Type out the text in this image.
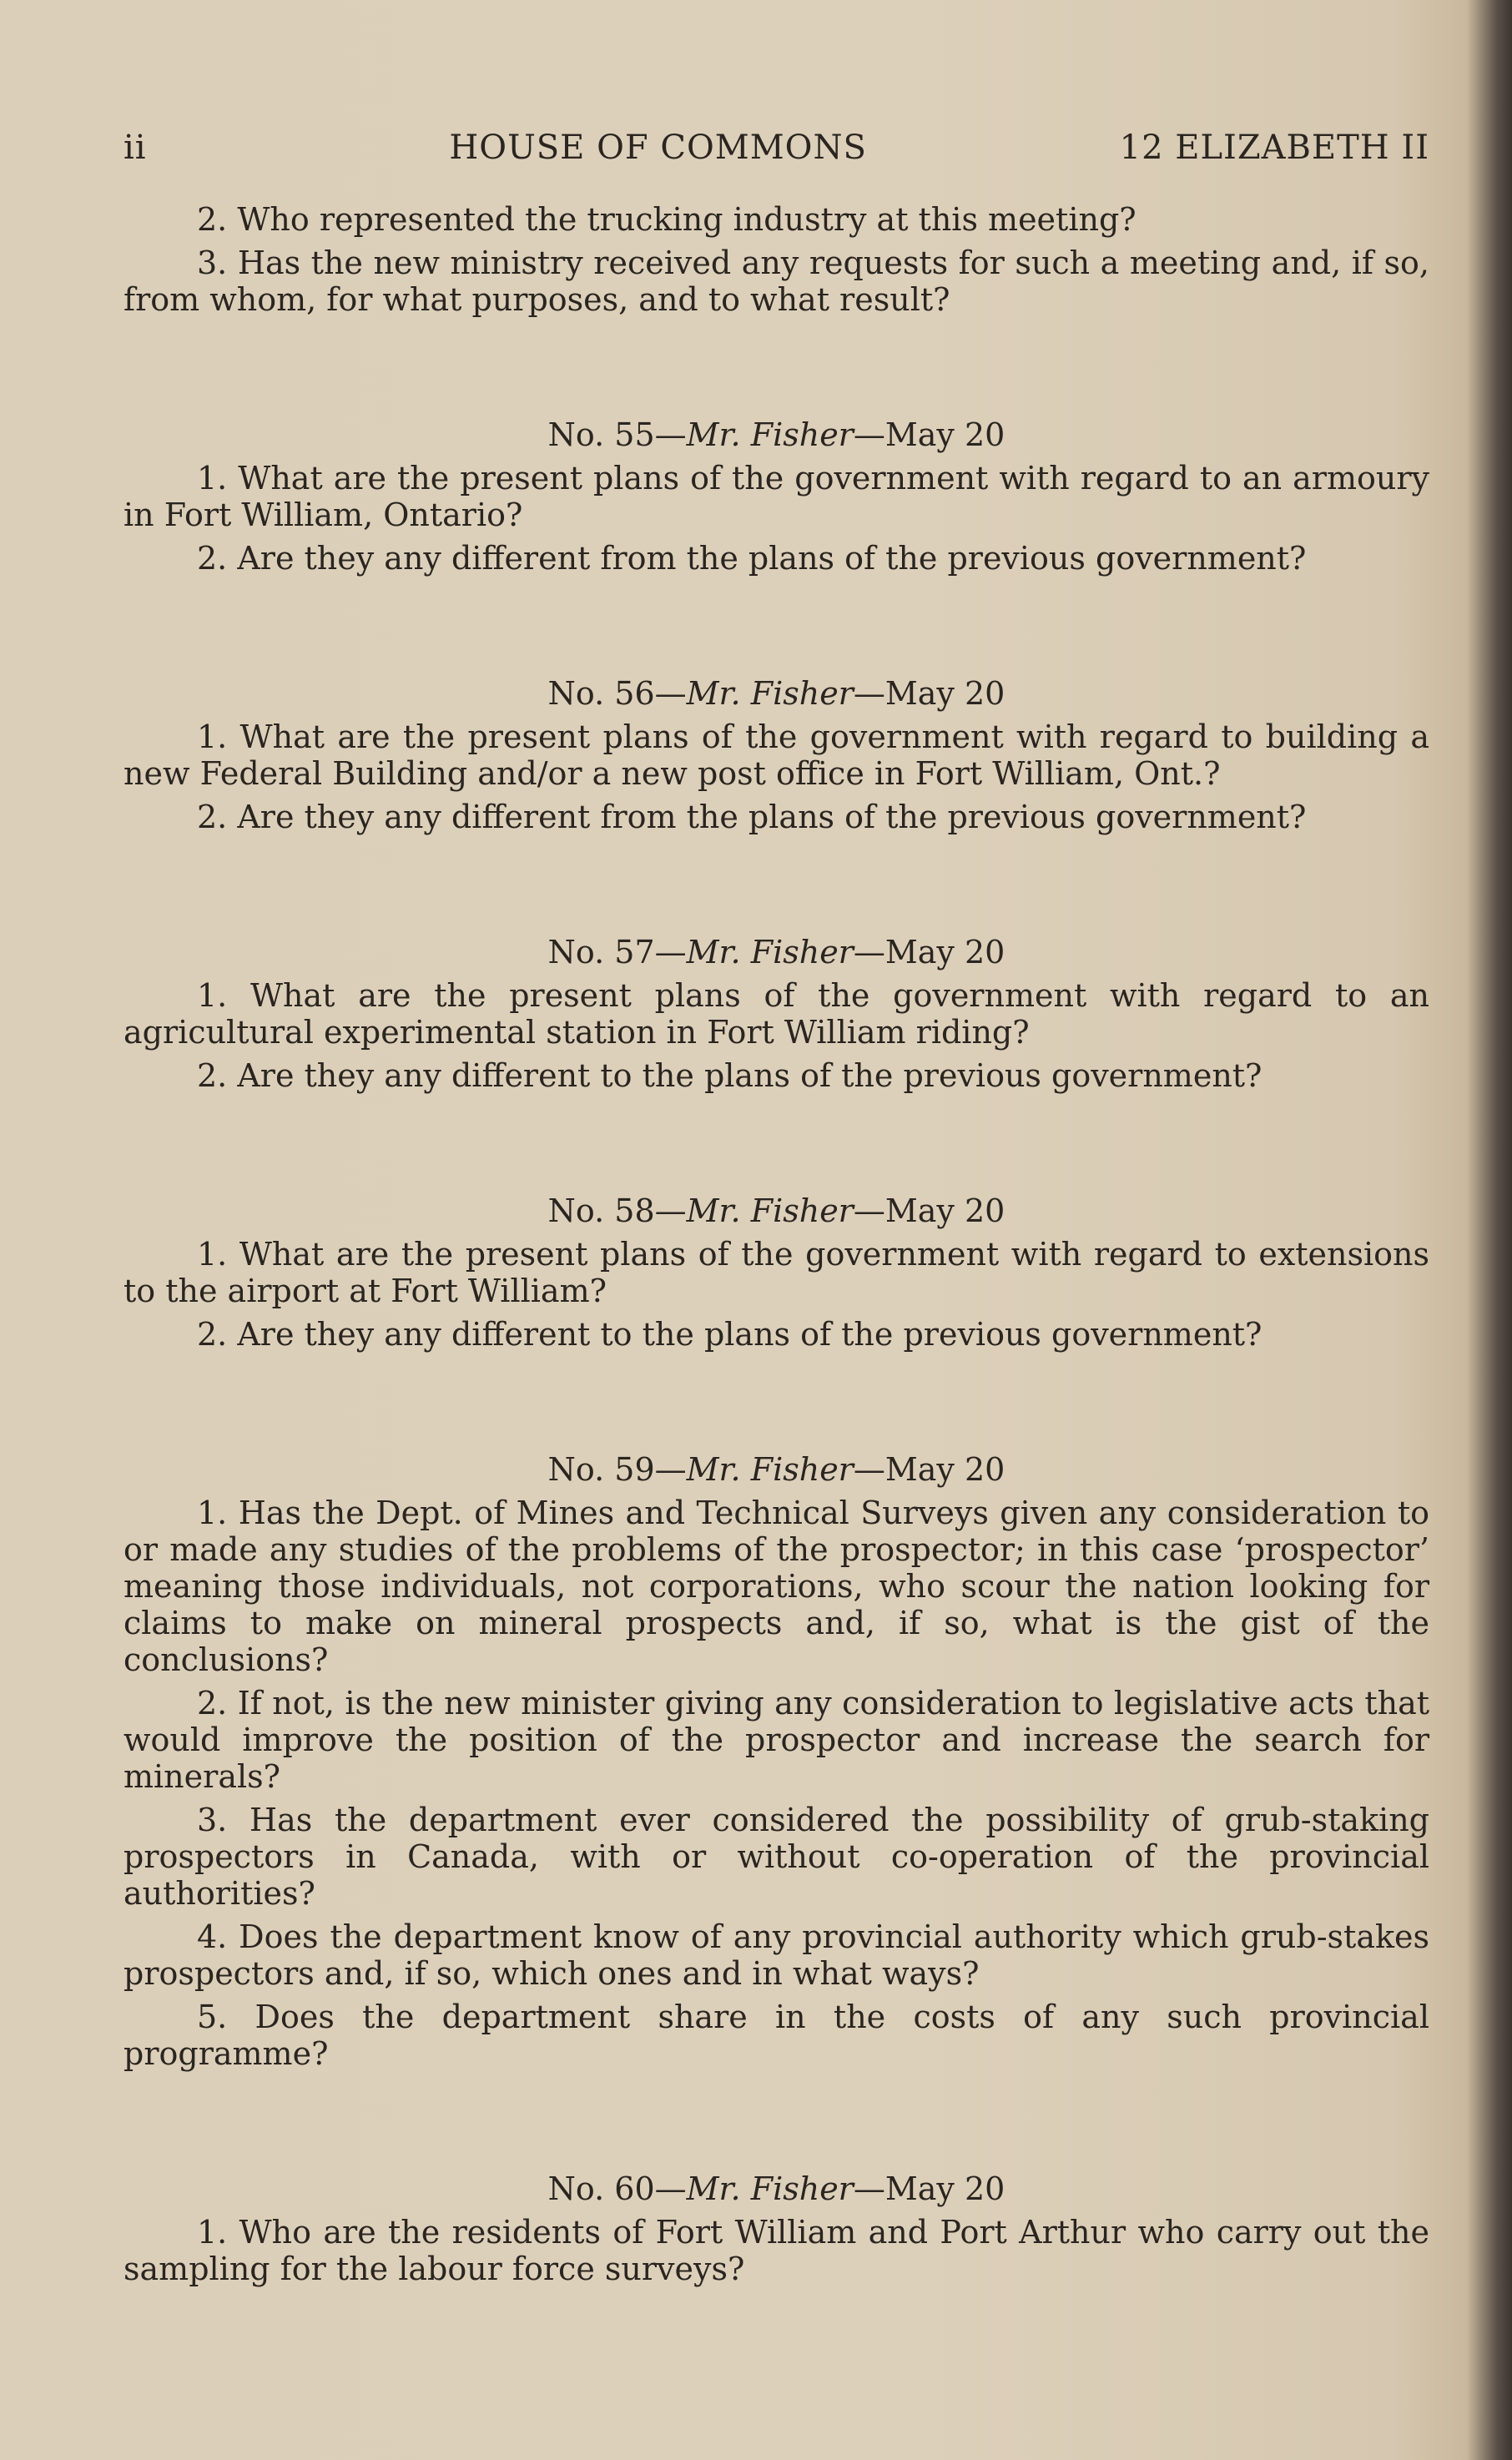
ii	HOUSE OF COMMONS	12 ELIZABETH II

2. Who represented the trucking industry at this meeting?

3. Has the new ministry received any requests for such a meeting and, if so, from whom, for what purposes, and to what result?

No. 55—Mr. Fisher—May 20

1. What are the present plans of the government with regard to an armoury in Fort William, Ontario?

2. Are they any different from the plans of the previous government?

No. 56—Mr. Fisher—May 20

1. What are the present plans of the government with regard to building a new Federal Building and/or a new post office in Fort William, Ont.?

2. Are they any different from the plans of the previous government?

No. 57—Mr. Fisher—May 20

1. What are the present plans of the government with regard to an agricultural experimental station in Fort William riding?

2. Are they any different to the plans of the previous government?

No. 58—Mr. Fisher—May 20

1. What are the present plans of the government with regard to extensions to the airport at Fort William?

2. Are they any different to the plans of the previous government?

No. 59—Mr. Fisher—May 20

1. Has the Dept. of Mines and Technical Surveys given any consideration to or made any studies of the problems of the prospector; in this case ‘prospector’ meaning those individuals, not corporations, who scour the nation looking for claims to make on mineral prospects and, if so, what is the gist of the conclusions?

2. If not, is the new minister giving any consideration to legislative acts that would improve the position of the prospector and increase the search for minerals?

3. Has the department ever considered the possibility of grub-staking prospectors in Canada, with or without co-operation of the provincial authorities?

4. Does the department know of any provincial authority which grub-stakes prospectors and, if so, which ones and in what ways?

5. Does the department share in the costs of any such provincial programme?

No. 60—Mr. Fisher—May 20

1. Who are the residents of Fort William and Port Arthur who carry out the sampling for the labour force surveys?
